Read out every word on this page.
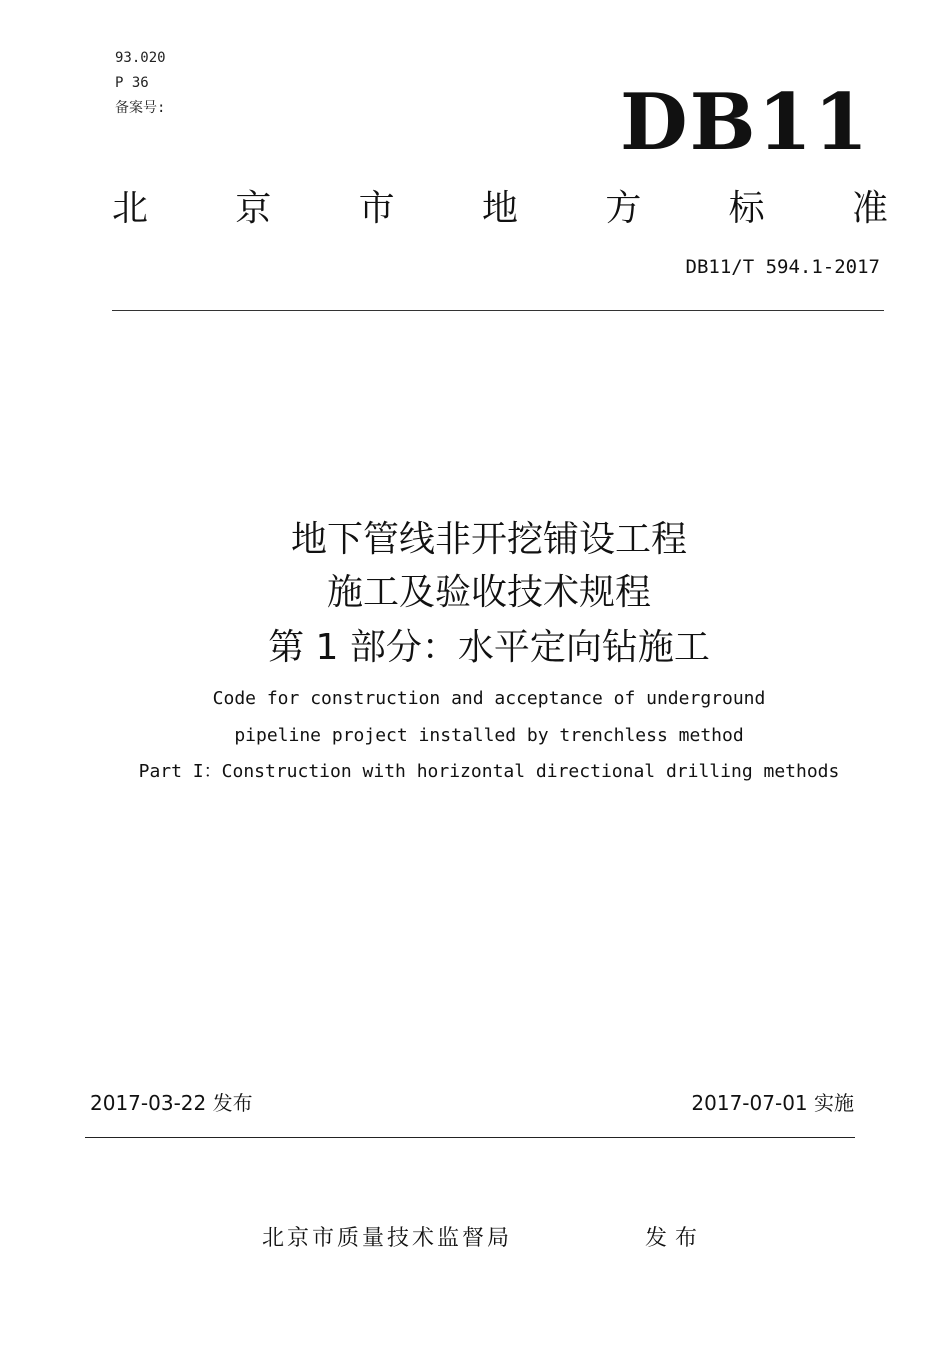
93.020
P 36
备案号:	DB11
北 京 市 地 方 标 准
DB11/T 594.1-2017
地下管线非开挖铺设工程
施工及验收技术规程
第 1 部分：水平定向钻施工
Code for construction and acceptance of underground
pipeline project installed by trenchless method
Part I：Construction with horizontal directional drilling methods
2017-03-22 发布	2017-07-01 实施
北京市质量技术监督局	发布
